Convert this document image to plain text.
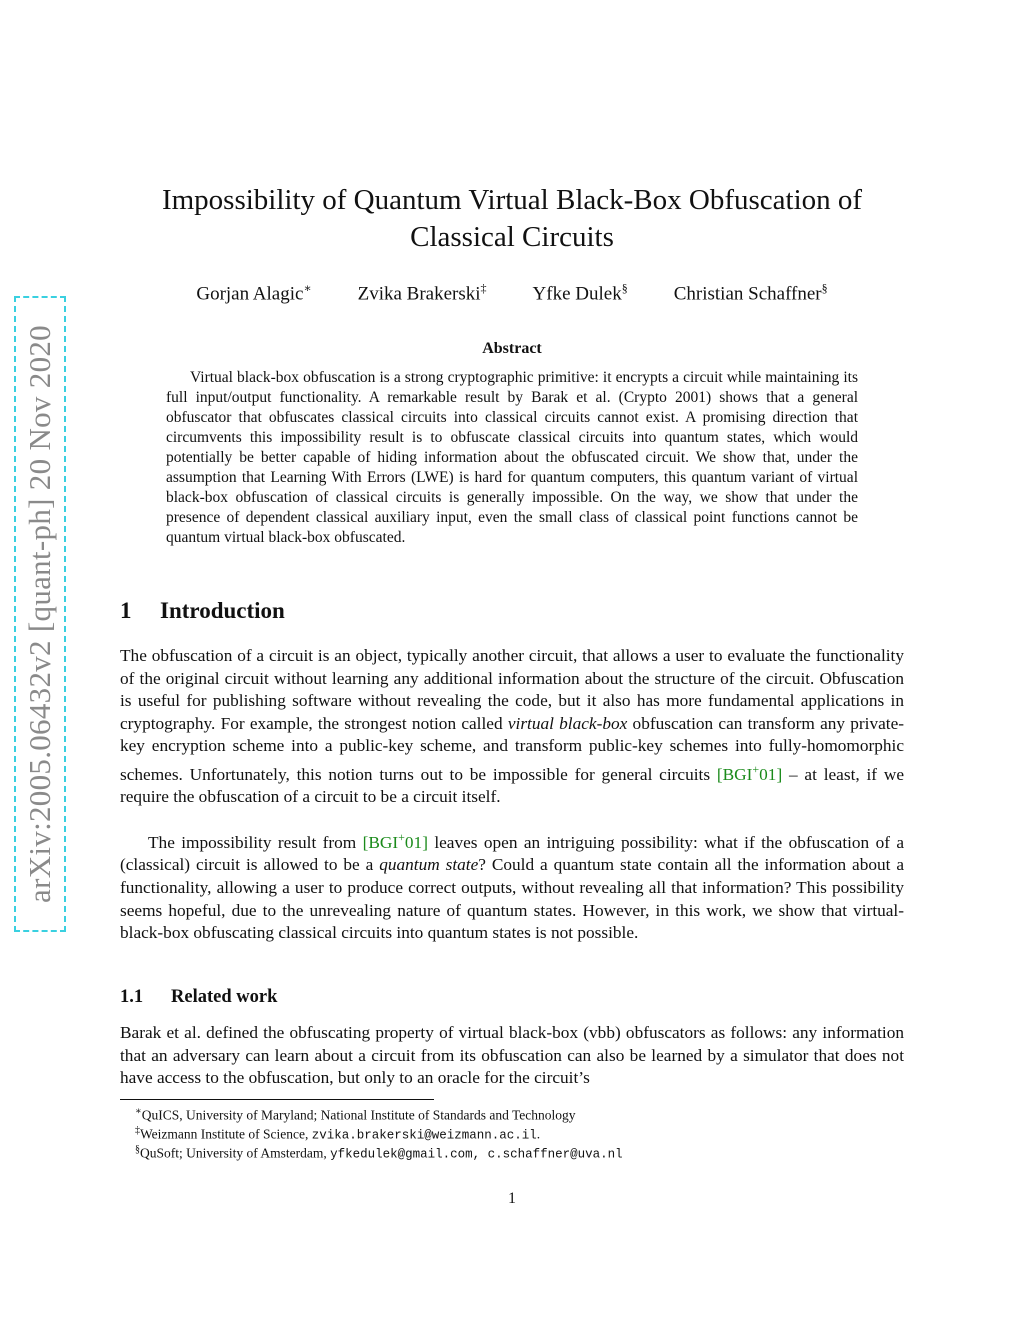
arXiv:2005.06432v2 [quant-ph] 20 Nov 2020
Impossibility of Quantum Virtual Black-Box Obfuscation of
Classical Circuits
Gorjan Alagic∗ Zvika Brakerski‡ Yfke Dulek§ Christian Schaffner§
Abstract

Virtual black-box obfuscation is a strong cryptographic primitive: it encrypts a circuit while maintaining its full input/output functionality. A remarkable result by Barak et al. (Crypto 2001) shows that a general obfuscator that obfuscates classical circuits into classical circuits cannot exist. A promising direction that circumvents this impossibility result is to obfuscate classical circuits into quantum states, which would potentially be better capable of hiding information about the obfuscated circuit. We show that, under the assumption that Learning With Errors (LWE) is hard for quantum computers, this quantum variant of virtual black-box obfuscation of classical circuits is generally impossible. On the way, we show that under the presence of dependent classical auxiliary input, even the small class of classical point functions cannot be quantum virtual black-box obfuscated.

1 Introduction

The obfuscation of a circuit is an object, typically another circuit, that allows a user to evaluate the functionality of the original circuit without learning any additional information about the structure of the circuit. Obfuscation is useful for publishing software without revealing the code, but it also has more fundamental applications in cryptography. For example, the strongest notion called virtual black-box obfuscation can transform any private-key encryption scheme into a public-key scheme, and transform public-key schemes into fully-homomorphic schemes. Unfortunately, this notion turns out to be impossible for general circuits [BGI+01] – at least, if we require the obfuscation of a circuit to be a circuit itself.

The impossibility result from [BGI+01] leaves open an intriguing possibility: what if the obfuscation of a (classical) circuit is allowed to be a quantum state? Could a quantum state contain all the information about a functionality, allowing a user to produce correct outputs, without revealing all that information? This possibility seems hopeful, due to the unrevealing nature of quantum states. However, in this work, we show that virtual-black-box obfuscating classical circuits into quantum states is not possible.

1.1 Related work

Barak et al. defined the obfuscating property of virtual black-box (vbb) obfuscators as follows: any information that an adversary can learn about a circuit from its obfuscation can also be learned by a simulator that does not have access to the obfuscation, but only to an oracle for the circuit’s

∗QuICS, University of Maryland; National Institute of Standards and Technology
‡Weizmann Institute of Science, zvika.brakerski@weizmann.ac.il.
§QuSoft; University of Amsterdam, yfkedulek@gmail.com, c.schaffner@uva.nl
1
